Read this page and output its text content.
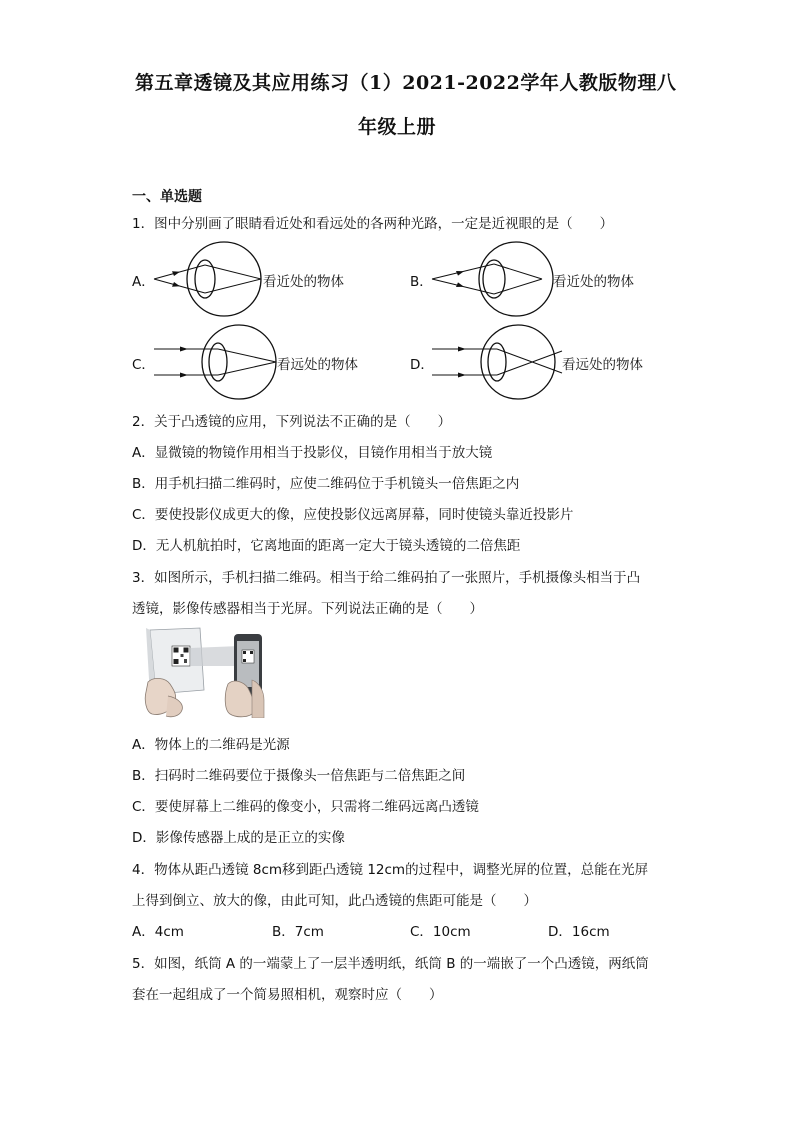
第五章透镜及其应用练习（1）2021-2022学年人教版物理八
年级上册
一、单选题
1．图中分别画了眼睛看近处和看远处的各两种光路，一定是近视眼的是（　　）
A．	看近处的物体	B．	看近处的物体
C．	看远处的物体	D．	看远处的物体
2．关于凸透镜的应用，下列说法不正确的是（　　）
A．显微镜的物镜作用相当于投影仪，目镜作用相当于放大镜
B．用手机扫描二维码时，应使二维码位于手机镜头一倍焦距之内
C．要使投影仪成更大的像，应使投影仪远离屏幕，同时使镜头靠近投影片
D．无人机航拍时，它离地面的距离一定大于镜头透镜的二倍焦距
3．如图所示，手机扫描二维码。相当于给二维码拍了一张照片，手机摄像头相当于凸
透镜，影像传感器相当于光屏。下列说法正确的是（　　）
A．物体上的二维码是光源
B．扫码时二维码要位于摄像头一倍焦距与二倍焦距之间
C．要使屏幕上二维码的像变小，只需将二维码远离凸透镜
D．影像传感器上成的是正立的实像
4．物体从距凸透镜 8cm移到距凸透镜 12cm的过程中，调整光屏的位置，总能在光屏
上得到倒立、放大的像，由此可知，此凸透镜的焦距可能是（　　）
A．4cm	B．7cm	C．10cm	D．16cm
5．如图，纸筒 A 的一端蒙上了一层半透明纸，纸筒 B 的一端嵌了一个凸透镜，两纸筒
套在一起组成了一个简易照相机，观察时应（　　）
